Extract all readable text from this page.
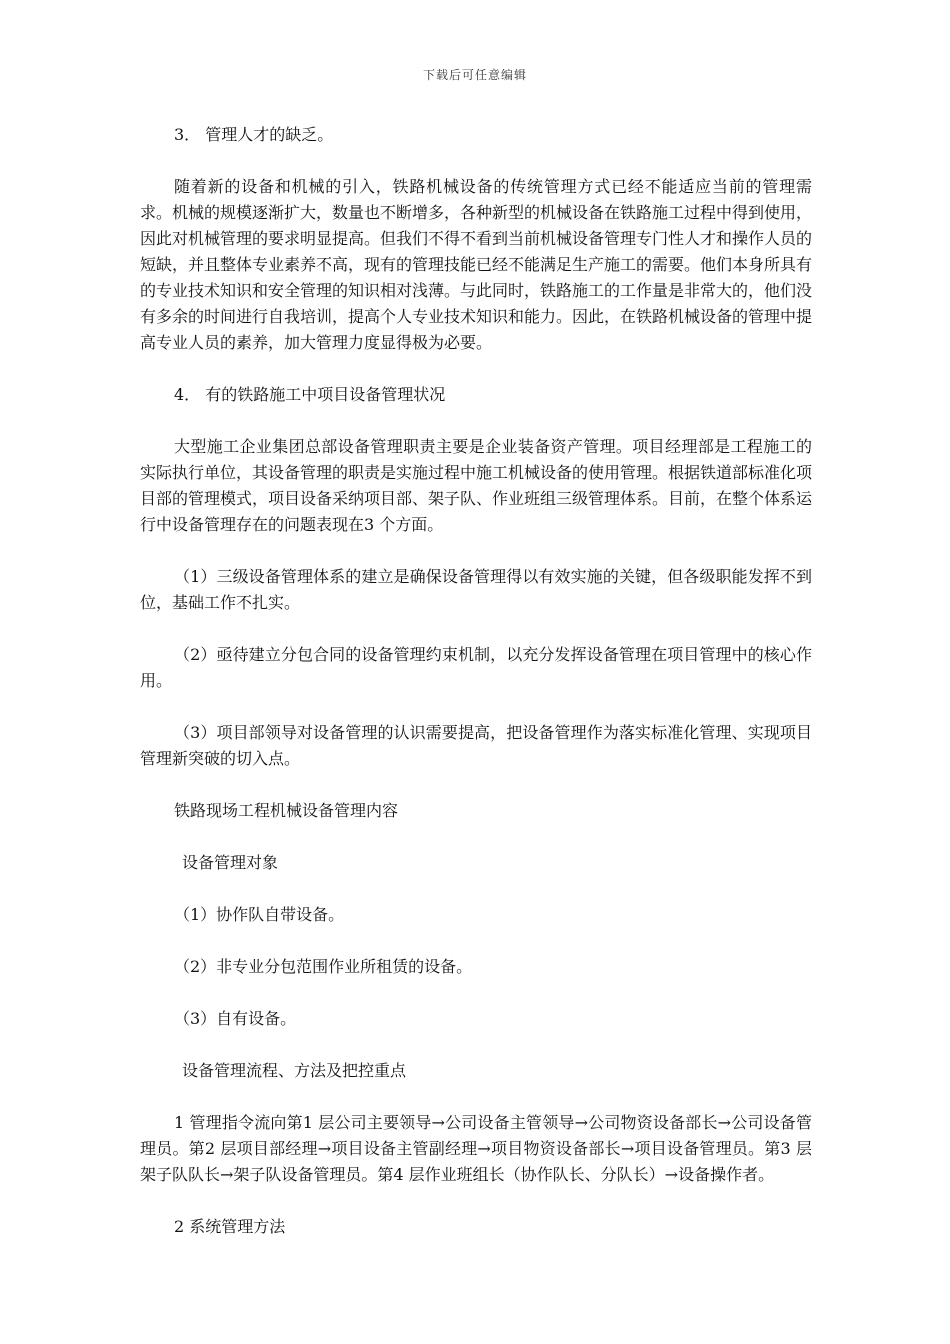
下载后可任意编辑

3． 管理人才的缺乏。

随着新的设备和机械的引入，铁路机械设备的传统管理方式已经不能适应当前的管理需求。机械的规模逐渐扩大，数量也不断增多，各种新型的机械设备在铁路施工过程中得到使用，因此对机械管理的要求明显提高。但我们不得不看到当前机械设备管理专门性人才和操作人员的短缺，并且整体专业素养不高，现有的管理技能已经不能满足生产施工的需要。他们本身所具有的专业技术知识和安全管理的知识相对浅薄。与此同时，铁路施工的工作量是非常大的，他们没有多余的时间进行自我培训，提高个人专业技术知识和能力。因此，在铁路机械设备的管理中提高专业人员的素养，加大管理力度显得极为必要。

4． 有的铁路施工中项目设备管理状况

大型施工企业集团总部设备管理职责主要是企业装备资产管理。项目经理部是工程施工的实际执行单位，其设备管理的职责是实施过程中施工机械设备的使用管理。根据铁道部标准化项目部的管理模式，项目设备采纳项目部、架子队、作业班组三级管理体系。目前，在整个体系运行中设备管理存在的问题表现在3 个方面。

（1）三级设备管理体系的建立是确保设备管理得以有效实施的关键，但各级职能发挥不到位，基础工作不扎实。

（2）亟待建立分包合同的设备管理约束机制，以充分发挥设备管理在项目管理中的核心作用。

（3）项目部领导对设备管理的认识需要提高，把设备管理作为落实标准化管理、实现项目管理新突破的切入点。

铁路现场工程机械设备管理内容

设备管理对象

（1）协作队自带设备。

（2）非专业分包范围作业所租赁的设备。

（3）自有设备。

设备管理流程、方法及把控重点

1 管理指令流向第1 层公司主要领导→公司设备主管领导→公司物资设备部长→公司设备管理员。第2 层项目部经理→项目设备主管副经理→项目物资设备部长→项目设备管理员。第3 层架子队队长→架子队设备管理员。第4 层作业班组长（协作队长、分队长）→设备操作者。

2 系统管理方法
